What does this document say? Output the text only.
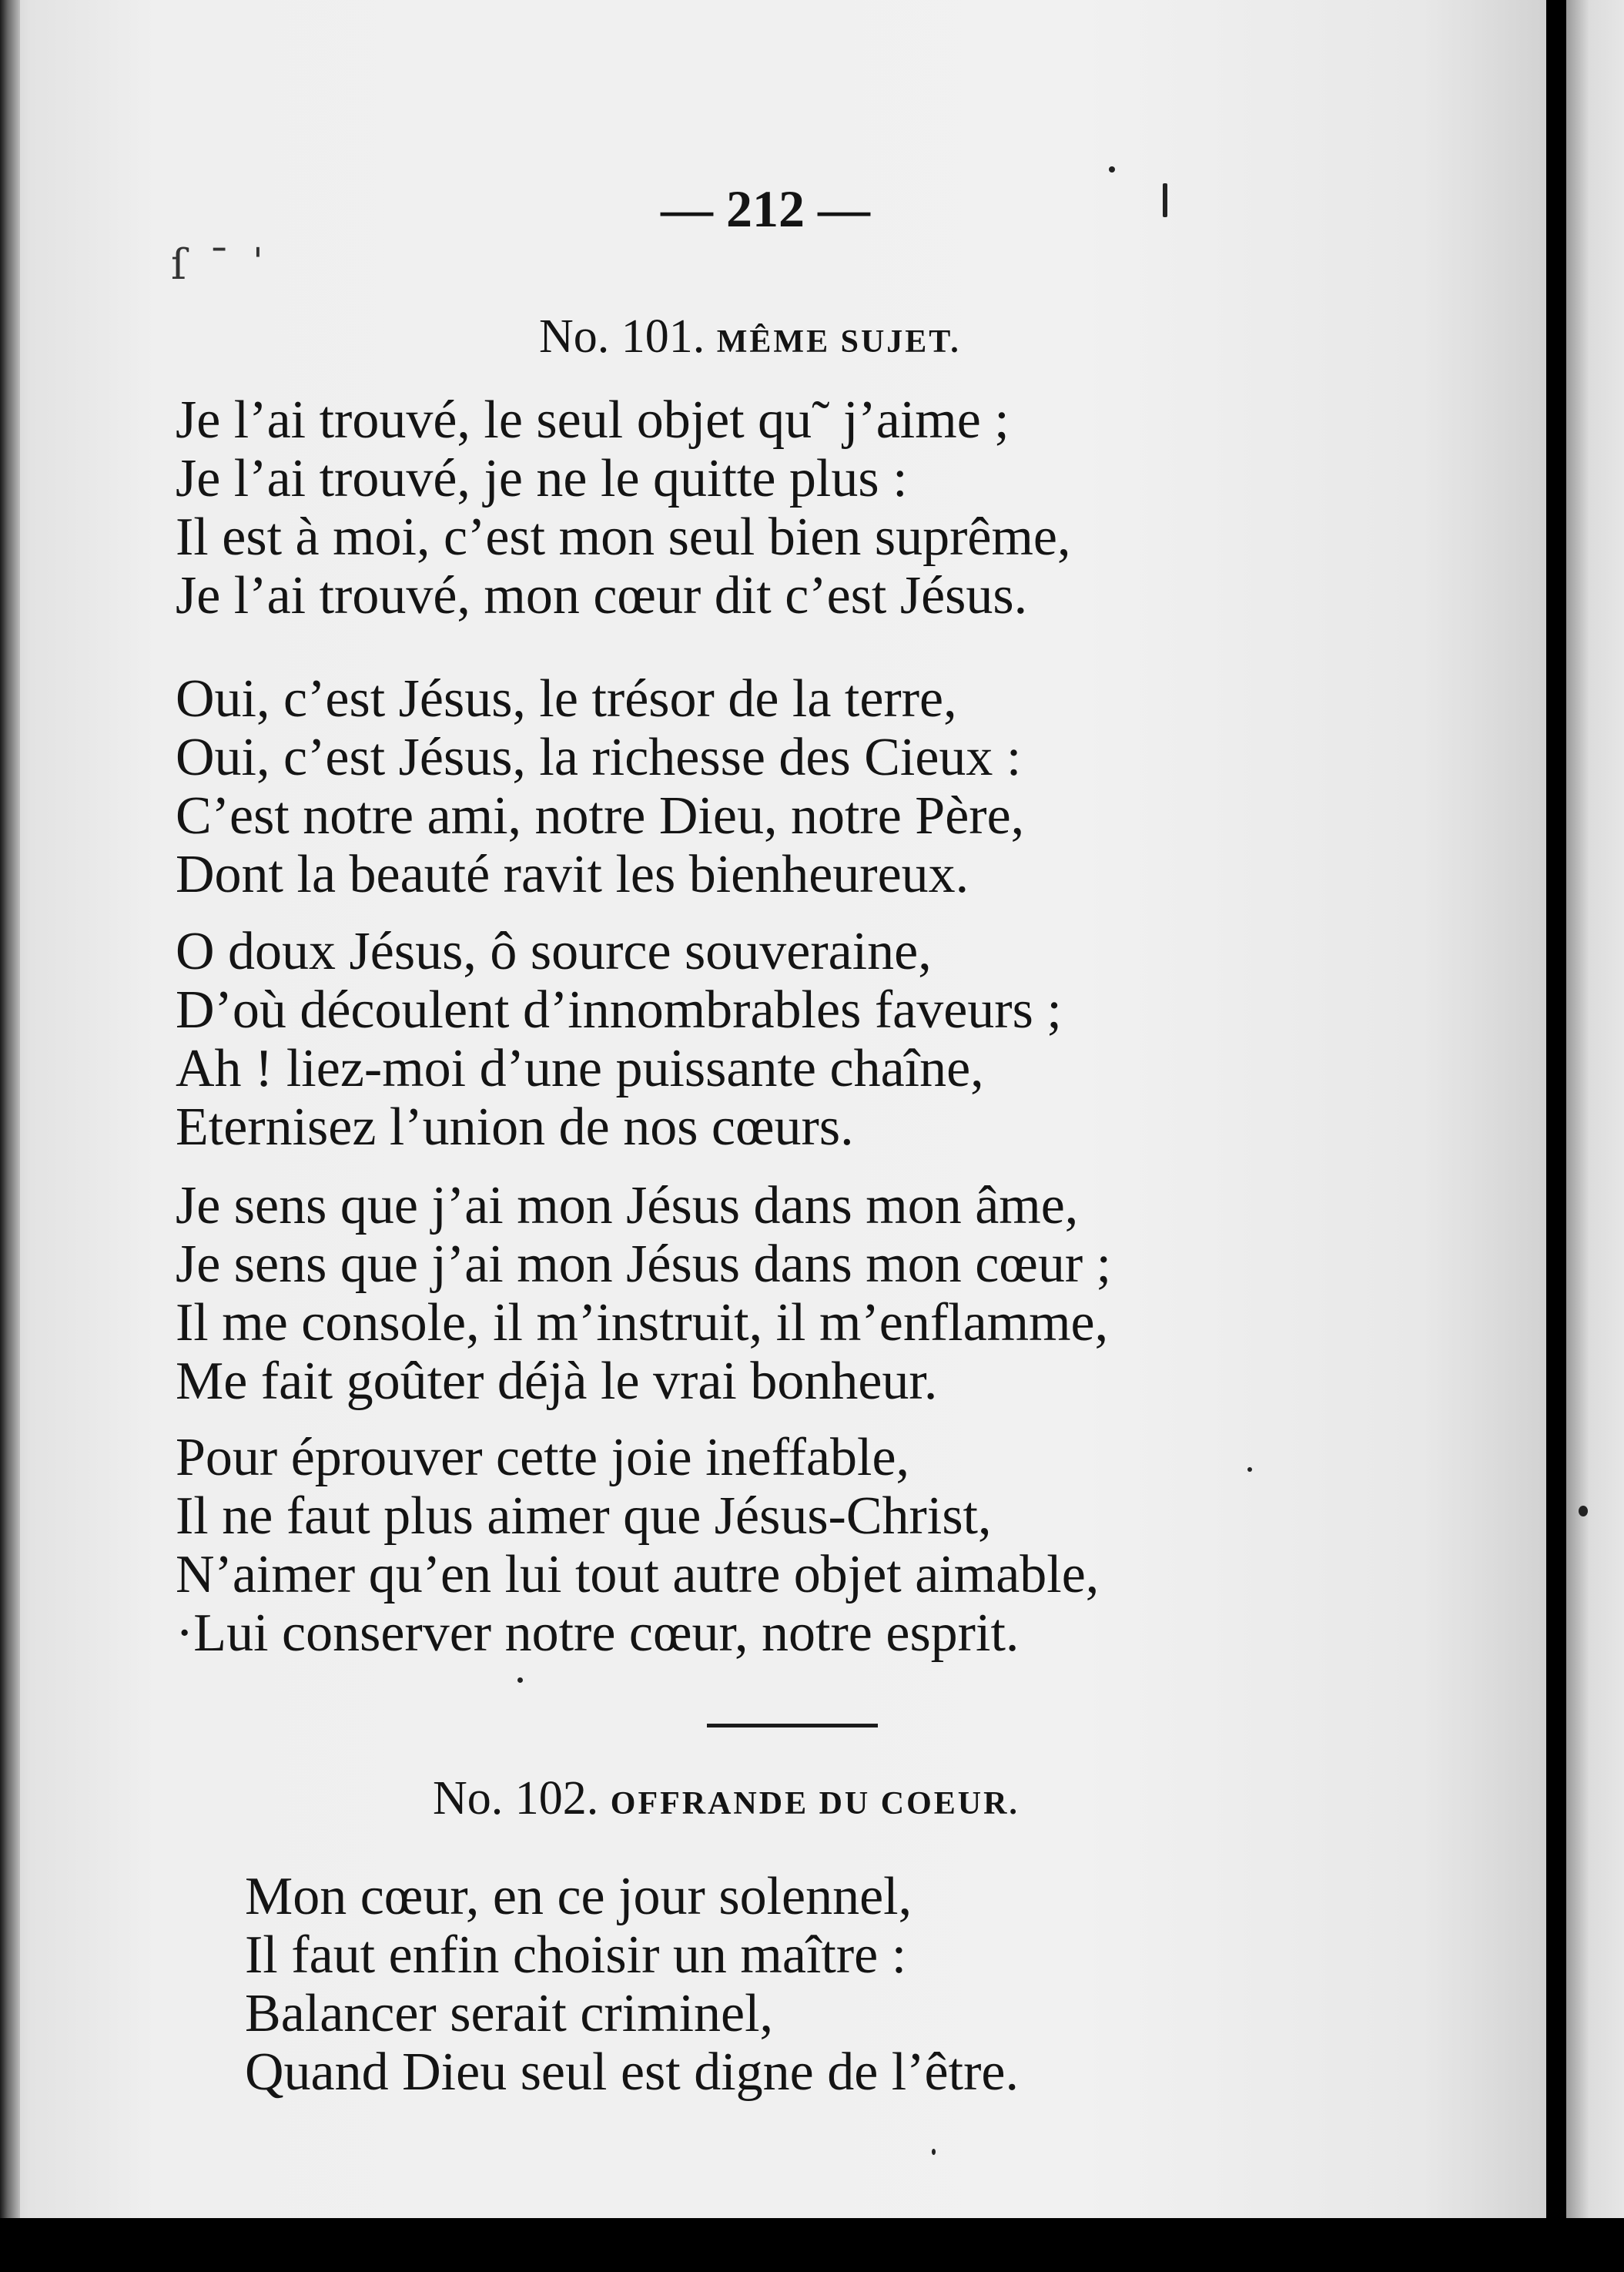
ſ ˉ ˈ
— 212 —
No. 101. MÊME SUJET.
Je l’ai trouvé, le seul objet qu˜ j’aime ;
Je l’ai trouvé, je ne le quitte plus :
Il est à moi, c’est mon seul bien suprême,
Je l’ai trouvé, mon cœur dit c’est Jésus.
Oui, c’est Jésus, le trésor de la terre,
Oui, c’est Jésus, la richesse des Cieux :
C’est notre ami, notre Dieu, notre Père,
Dont la beauté ravit les bienheureux.
O doux Jésus, ô source souveraine,
D’où découlent d’innombrables faveurs ;
Ah ! liez-moi d’une puissante chaîne,
Eternisez l’union de nos cœurs.
Je sens que j’ai mon Jésus dans mon âme,
Je sens que j’ai mon Jésus dans mon cœur ;
Il me console, il m’instruit, il m’enflamme,
Me fait goûter déjà le vrai bonheur.
Pour éprouver cette joie ineffable,
Il ne faut plus aimer que Jésus-Christ,
N’aimer qu’en lui tout autre objet aimable,
·Lui conserver notre cœur, notre esprit.
No. 102. OFFRANDE DU COEUR.
Mon cœur, en ce jour solennel,
Il faut enfin choisir un maître :
Balancer serait criminel,
Quand Dieu seul est digne de l’être.
